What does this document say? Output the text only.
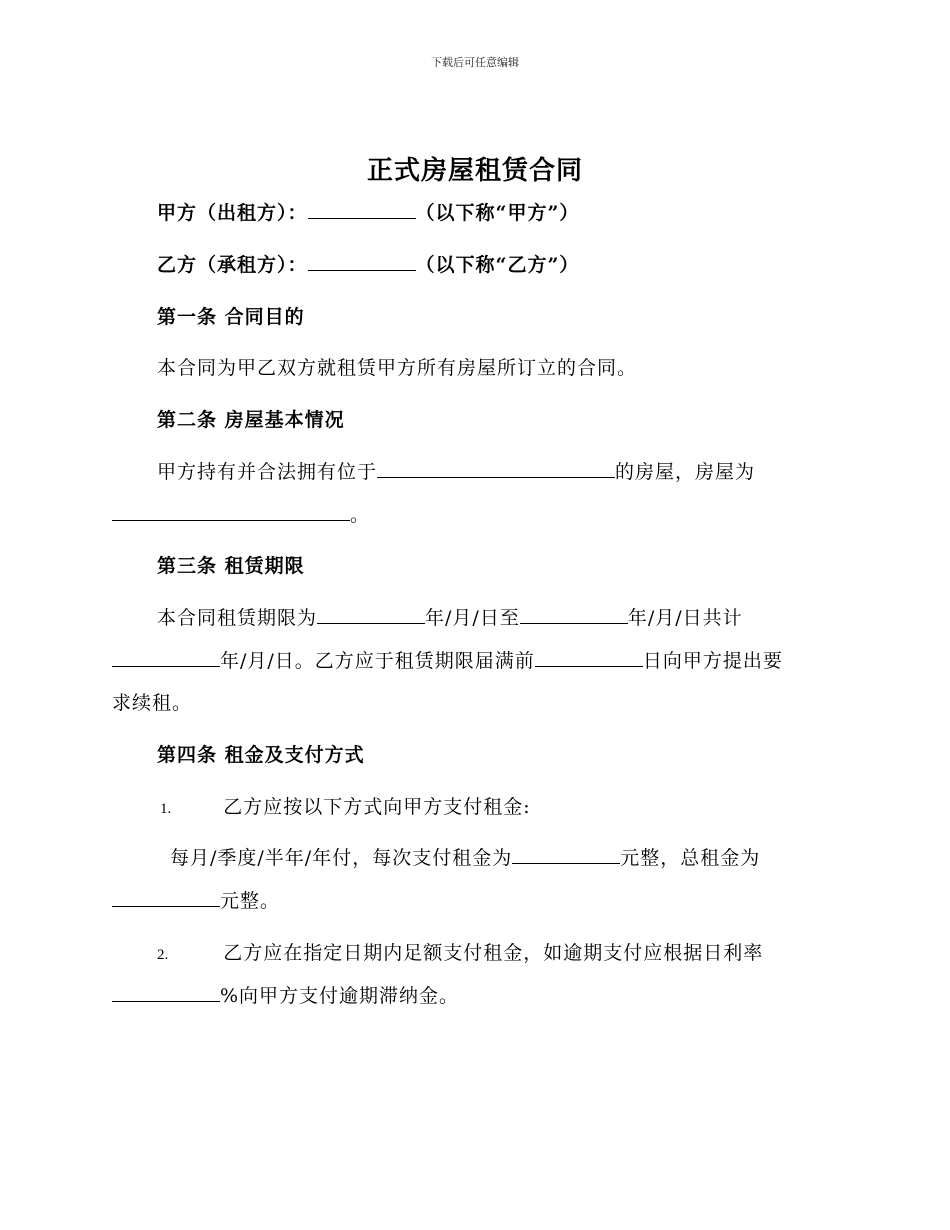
下载后可任意编辑
正式房屋租赁合同
甲方（出租方）：	（以下称“甲方”）
乙方（承租方）：	（以下称“乙方”）
第一条 合同目的
本合同为甲乙双方就租赁甲方所有房屋所订立的合同。
第二条 房屋基本情况
甲方持有并合法拥有位于	的房屋，房屋为
。
第三条 租赁期限
本合同租赁期限为	年/月/日至	年/月/日共计
年/月/日。乙方应于租赁期限届满前	日向甲方提出要
求续租。
第四条 租金及支付方式
1.	乙方应按以下方式向甲方支付租金:
每月/季度/半年/年付，每次支付租金为	元整，总租金为
元整。
2.	乙方应在指定日期内足额支付租金，如逾期支付应根据日利率
%向甲方支付逾期滞纳金。
